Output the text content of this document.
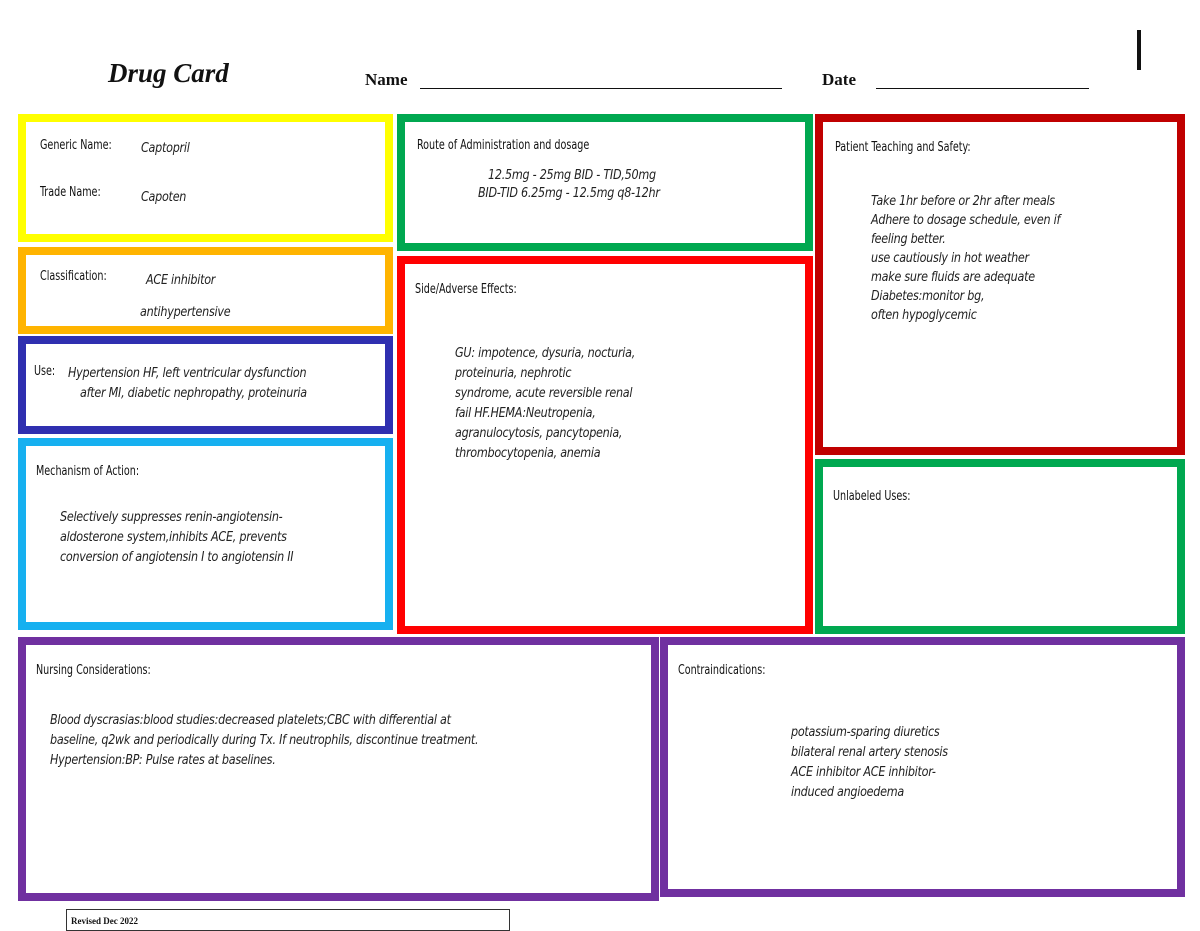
Drug Card	Name	Date
Generic Name: Captopril
Trade Name:	Capoten
Classification:	ACE inhibitor
antihypertensive
Use: Hypertension HF, left ventricular dysfunction
after MI, diabetic nephropathy, proteinuria
Mechanism of Action:
Selectively suppresses renin-angiotensin-
aldosterone system,inhibits ACE, prevents
conversion of angiotensin I to angiotensin II
Route of Administration and dosage
12.5mg - 25mg BID - TID,50mg
BID-TID 6.25mg - 12.5mg q8-12hr
Side/Adverse Effects:
GU: impotence, dysuria, nocturia,
proteinuria, nephrotic
syndrome, acute reversible renal
fail HF.HEMA:Neutropenia,
agranulocytosis, pancytopenia,
thrombocytopenia, anemia
Patient Teaching and Safety:
Take 1hr before or 2hr after meals
Adhere to dosage schedule, even if
feeling better.
use cautiously in hot weather
make sure fluids are adequate
Diabetes:monitor bg,
often hypoglycemic
Unlabeled Uses:
Nursing Considerations:
Blood dyscrasias:blood studies:decreased platelets;CBC with differential at
baseline, q2wk and periodically during Tx. If neutrophils, discontinue treatment.
Hypertension:BP: Pulse rates at baselines.
Contraindications:
potassium-sparing diuretics
bilateral renal artery stenosis
ACE inhibitor ACE inhibitor-
induced angioedema
Revised Dec 2022
